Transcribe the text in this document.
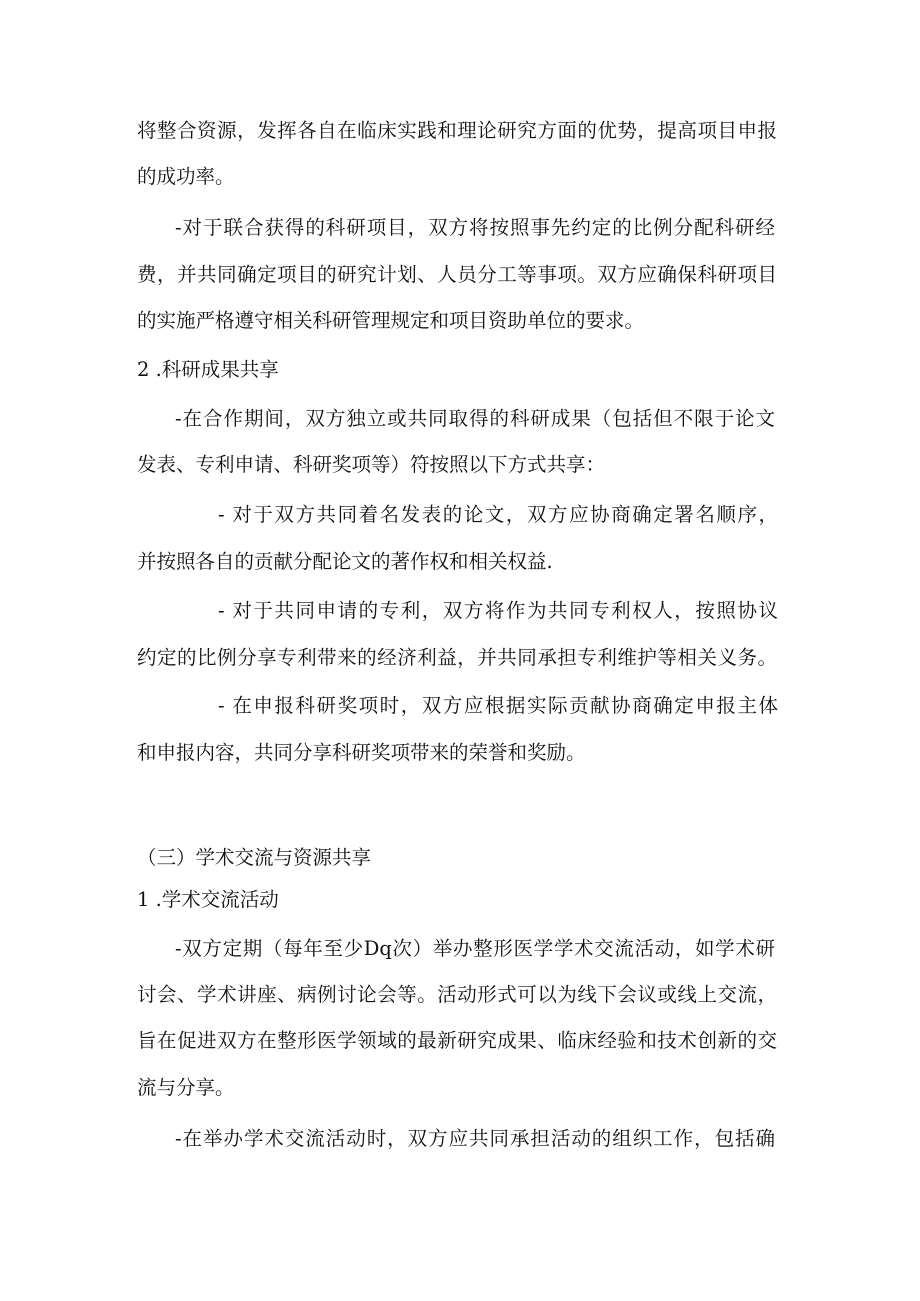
将整合资源，发挥各自在临床实践和理论研究方面的优势，提高项目申报
的成功率。
-对于联合获得的科研项目，双方将按照事先约定的比例分配科研经
费，并共同确定项目的研究计划、人员分工等事项。双方应确保科研项目
的实施严格遵守相关科研管理规定和项目资助单位的要求。
2 .科研成果共享
-在合作期间，双方独立或共同取得的科研成果（包括但不限于论文
发表、专利申请、科研奖项等）符按照以下方式共享：
- 对于双方共同着名发表的论文，双方应协商确定署名顺序，
并按照各自的贡献分配论文的著作权和相关权益.
- 对于共同申请的专利，双方将作为共同专利权人，按照协议
约定的比例分享专利带来的经济利益，并共同承担专利维护等相关义务。
- 在申报科研奖项时，双方应根据实际贡献协商确定申报主体
和申报内容，共同分享科研奖项带来的荣誉和奖励。
（三）学术交流与资源共享
1 .学术交流活动
-双方定期（每年至少Dq次）举办整形医学学术交流活动，如学术研
讨会、学术讲座、病例讨论会等。活动形式可以为线下会议或线上交流，
旨在促进双方在整形医学领域的最新研究成果、临床经验和技术创新的交
流与分享。
-在举办学术交流活动时，双方应共同承担活动的组织工作，包括确
